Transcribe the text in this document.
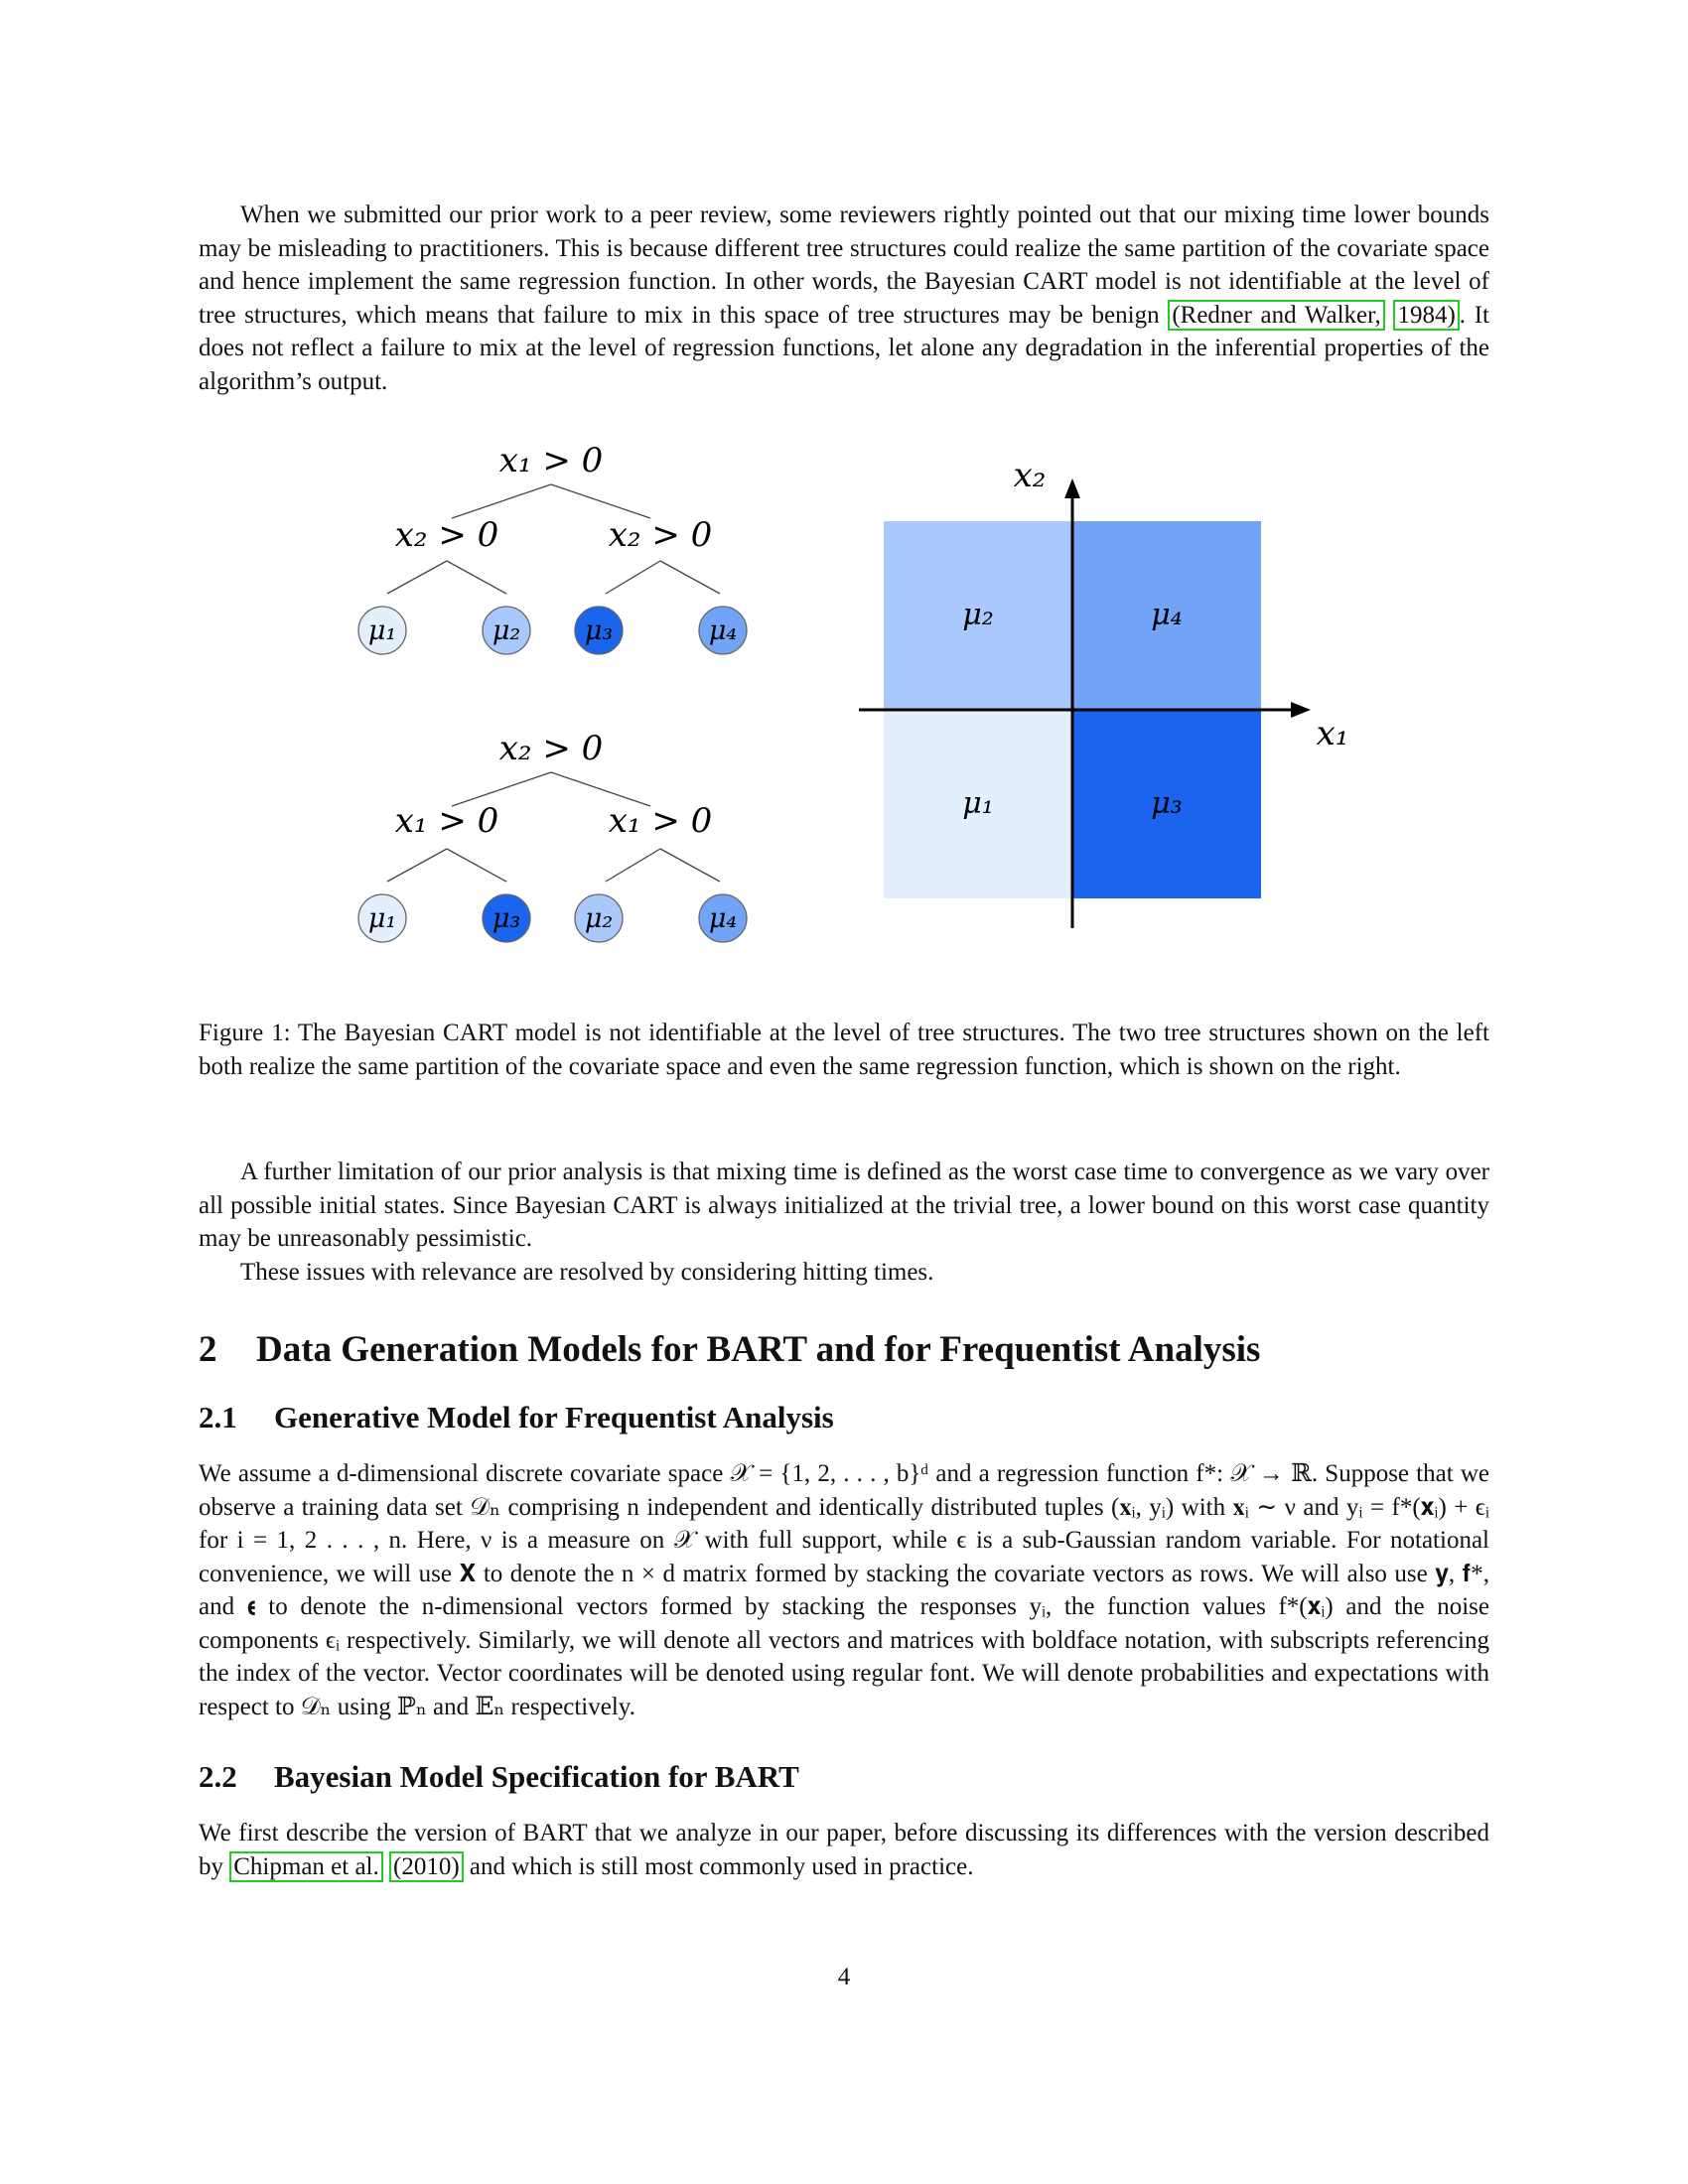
When we submitted our prior work to a peer review, some reviewers rightly pointed out that our mixing time lower bounds may be misleading to practitioners. This is because different tree structures could realize the same partition of the covariate space and hence implement the same regression function. In other words, the Bayesian CART model is not identifiable at the level of tree structures, which means that failure to mix in this space of tree structures may be benign (Redner and Walker, 1984) . It does not reflect a failure to mix at the level of regression functions, let alone any degradation in the inferential properties of the algorithm’s output.

x₁ > 0
x₂ > 0	x₂ > 0
μ₁	μ₂ μ₃	μ₄
x₂ > 0
x₁ > 0	x₁ > 0
μ₁	μ₃ μ₂	μ₄
x₁
x₂
μ₂	μ₄
μ₁	μ₃

Figure 1: The Bayesian CART model is not identifiable at the level of tree structures. The two tree structures shown on the left both realize the same partition of the covariate space and even the same regression function, which is shown on the right.

A further limitation of our prior analysis is that mixing time is defined as the worst case time to convergence as we vary over all possible initial states. Since Bayesian CART is always initialized at the trivial tree, a lower bound on this worst case quantity may be unreasonably pessimistic.

These issues with relevance are resolved by considering hitting times.

2 Data Generation Models for BART and for Frequentist Analysis
2.1 Generative Model for Frequentist Analysis

We assume a d-dimensional discrete covariate space 𝒳 = {1, 2, . . . , b}ᵈ and a regression function f*: 𝒳 → ℝ. Suppose that we observe a training data set 𝒟ₙ comprising n independent and identically distributed tuples (𝐱ᵢ, yᵢ) with 𝐱ᵢ ∼ ν and yᵢ = f*(𝐱ᵢ) + ϵᵢ for i = 1, 2 . . . , n. Here, ν is a measure on 𝒳 with full support, while ϵ is a sub-Gaussian random variable. For notational convenience, we will use 𝐗 to denote the n × d matrix formed by stacking the covariate vectors as rows. We will also use 𝐲, 𝐟*, and 𝛜 to denote the n-dimensional vectors formed by stacking the responses yᵢ, the function values f*(𝐱ᵢ) and the noise components ϵᵢ respectively. Similarly, we will denote all vectors and matrices with boldface notation, with subscripts referencing the index of the vector. Vector coordinates will be denoted using regular font. We will denote probabilities and expectations with respect to 𝒟ₙ using ℙₙ and 𝔼ₙ respectively.

2.2 Bayesian Model Specification for BART

We first describe the version of BART that we analyze in our paper, before discussing its differences with the version described by Chipman et al. (2010) and which is still most commonly used in practice.

4
